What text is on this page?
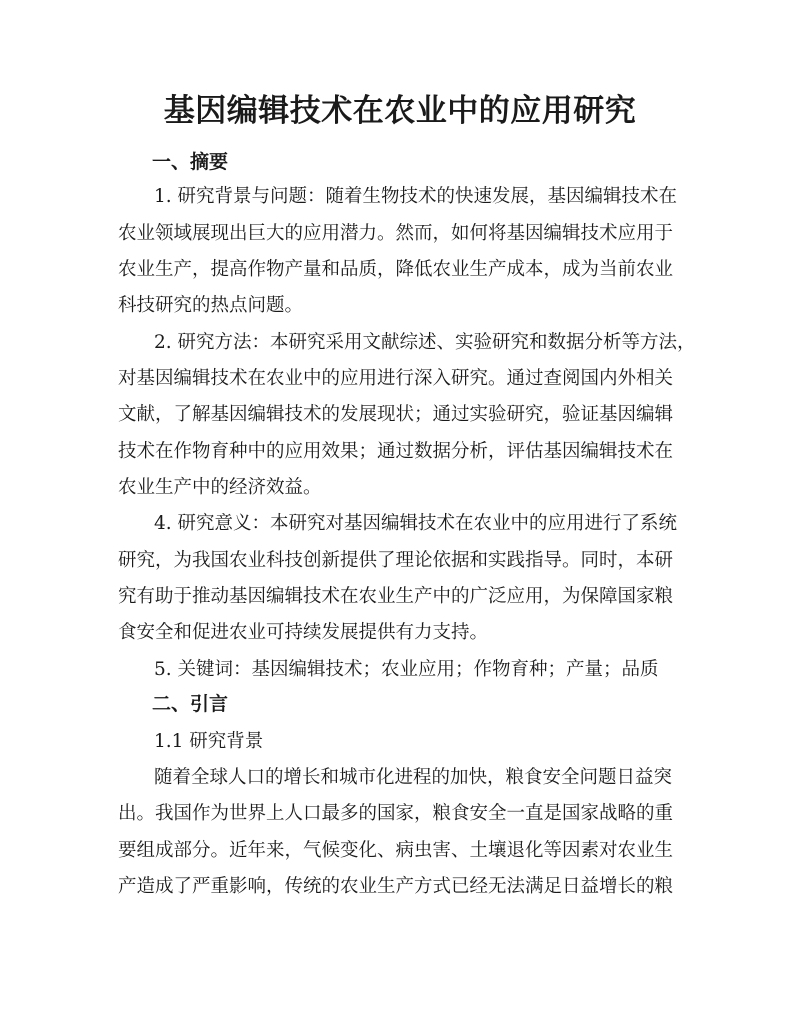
基因编辑技术在农业中的应用研究
一、摘要

1. 研究背景与问题：随着生物技术的快速发展，基因编辑技术在

农业领域展现出巨大的应用潜力。然而，如何将基因编辑技术应用于

农业生产，提高作物产量和品质，降低农业生产成本，成为当前农业

科技研究的热点问题。

2. 研究方法：本研究采用文献综述、实验研究和数据分析等方法，

对基因编辑技术在农业中的应用进行深入研究。通过查阅国内外相关

文献，了解基因编辑技术的发展现状；通过实验研究，验证基因编辑

技术在作物育种中的应用效果；通过数据分析，评估基因编辑技术在

农业生产中的经济效益。

4. 研究意义：本研究对基因编辑技术在农业中的应用进行了系统

研究，为我国农业科技创新提供了理论依据和实践指导。同时，本研

究有助于推动基因编辑技术在农业生产中的广泛应用，为保障国家粮

食安全和促进农业可持续发展提供有力支持。

5. 关键词：基因编辑技术；农业应用；作物育种；产量；品质

二、引言

1.1 研究背景

随着全球人口的增长和城市化进程的加快，粮食安全问题日益突

出。我国作为世界上人口最多的国家，粮食安全一直是国家战略的重

要组成部分。近年来，气候变化、病虫害、土壤退化等因素对农业生

产造成了严重影响，传统的农业生产方式已经无法满足日益增长的粮
